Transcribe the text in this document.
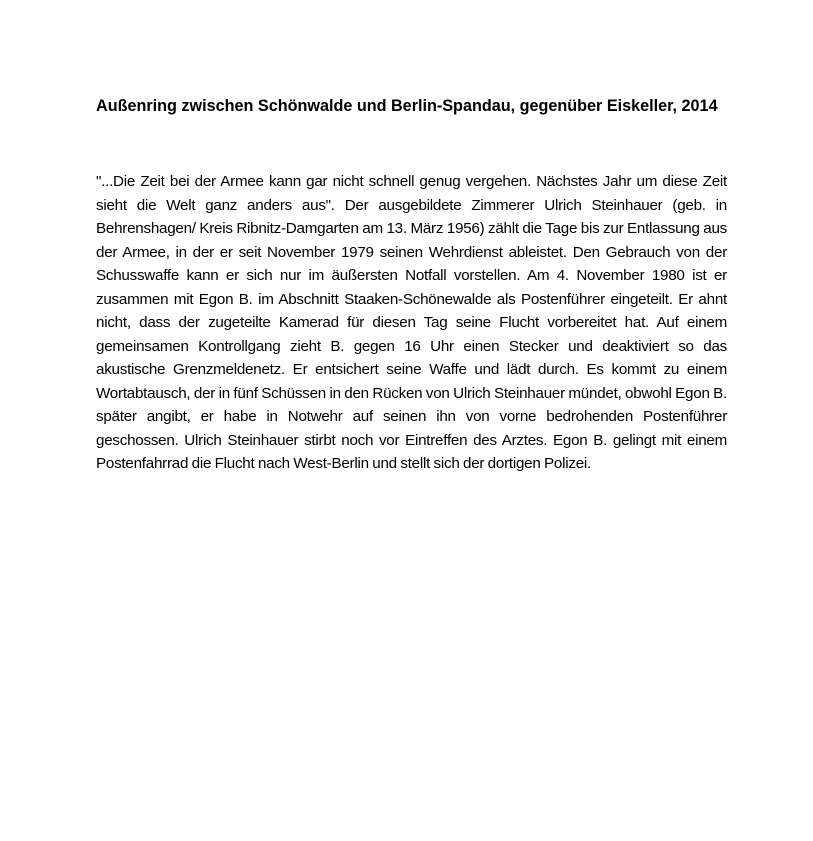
Außenring zwischen Schönwalde und Berlin-Spandau, gegenüber Eiskeller, 2014

"...Die Zeit bei der Armee kann gar nicht schnell genug vergehen. Nächstes Jahr um diese Zeit sieht die Welt ganz anders aus". Der ausgebildete Zimmerer Ulrich Steinhauer (geb. in Behrenshagen/ Kreis Ribnitz-Damgarten am 13. März 1956) zählt die Tage bis zur Entlassung aus der Armee, in der er seit November 1979 seinen Wehrdienst ableistet. Den Gebrauch von der Schusswaffe kann er sich nur im äußersten Notfall vorstellen. Am 4. November 1980 ist er zusammen mit Egon B. im Abschnitt Staaken-Schönewalde als Postenführer eingeteilt. Er ahnt nicht, dass der zugeteilte Kamerad für diesen Tag seine Flucht vorbereitet hat. Auf einem gemeinsamen Kontrollgang zieht B. gegen 16 Uhr einen Stecker und deaktiviert so das akustische Grenzmeldenetz. Er entsichert seine Waffe und lädt durch. Es kommt zu einem Wortabtausch, der in fünf Schüssen in den Rücken von Ulrich Steinhauer mündet, obwohl Egon B. später angibt, er habe in Notwehr auf seinen ihn von vorne bedrohenden Postenführer geschossen. Ulrich Steinhauer stirbt noch vor Eintreffen des Arztes. Egon B. gelingt mit einem Postenfahrrad die Flucht nach West-Berlin und stellt sich der dortigen Polizei.
